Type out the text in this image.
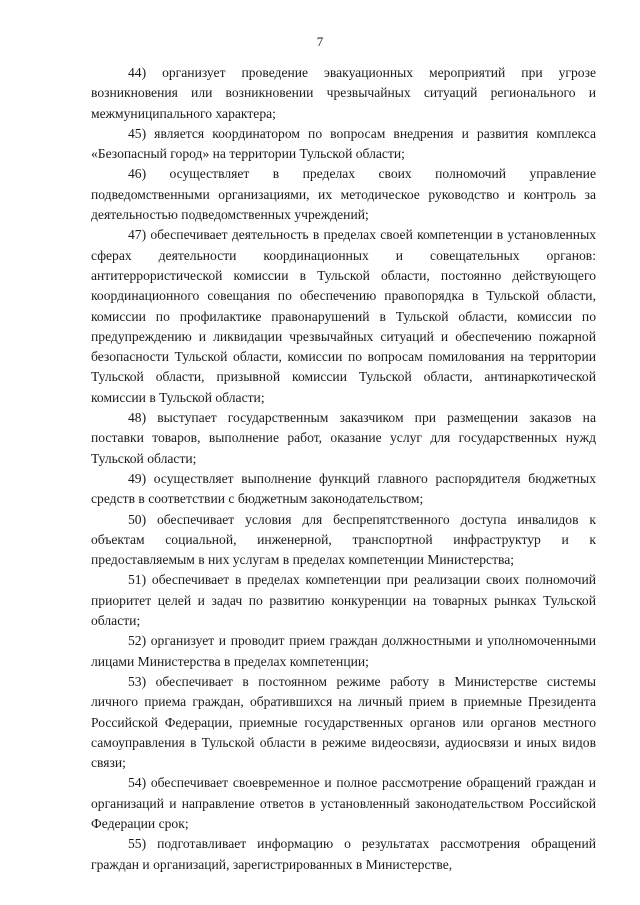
7

44) организует проведение эвакуационных мероприятий при угрозе возникновения или возникновении чрезвычайных ситуаций регионального и межмуниципального характера;

45) является координатором по вопросам внедрения и развития комплекса «Безопасный город» на территории Тульской области;

46) осуществляет в пределах своих полномочий управление подведомственными организациями, их методическое руководство и контроль за деятельностью подведомственных учреждений;

47) обеспечивает деятельность в пределах своей компетенции в установленных сферах деятельности координационных и совещательных органов: антитеррористической комиссии в Тульской области, постоянно действующего координационного совещания по обеспечению правопорядка в Тульской области, комиссии по профилактике правонарушений в Тульской области, комиссии по предупреждению и ликвидации чрезвычайных ситуаций и обеспечению пожарной безопасности Тульской области, комиссии по вопросам помилования на территории Тульской области, призывной комиссии Тульской области, антинаркотической комиссии в Тульской области;

48) выступает государственным заказчиком при размещении заказов на поставки товаров, выполнение работ, оказание услуг для государственных нужд Тульской области;

49) осуществляет выполнение функций главного распорядителя бюджетных средств в соответствии с бюджетным законодательством;

50) обеспечивает условия для беспрепятственного доступа инвалидов к объектам социальной, инженерной, транспортной инфраструктур и к предоставляемым в них услугам в пределах компетенции Министерства;

51) обеспечивает в пределах компетенции при реализации своих полномочий приоритет целей и задач по развитию конкуренции на товарных рынках Тульской области;

52) организует и проводит прием граждан должностными и уполномоченными лицами Министерства в пределах компетенции;

53) обеспечивает в постоянном режиме работу в Министерстве системы личного приема граждан, обратившихся на личный прием в приемные Президента Российской Федерации, приемные государственных органов или органов местного самоуправления в Тульской области в режиме видеосвязи, аудиосвязи и иных видов связи;

54) обеспечивает своевременное и полное рассмотрение обращений граждан и организаций и направление ответов в установленный законодательством Российской Федерации срок;

55) подготавливает информацию о результатах рассмотрения обращений граждан и организаций, зарегистрированных в Министерстве,
